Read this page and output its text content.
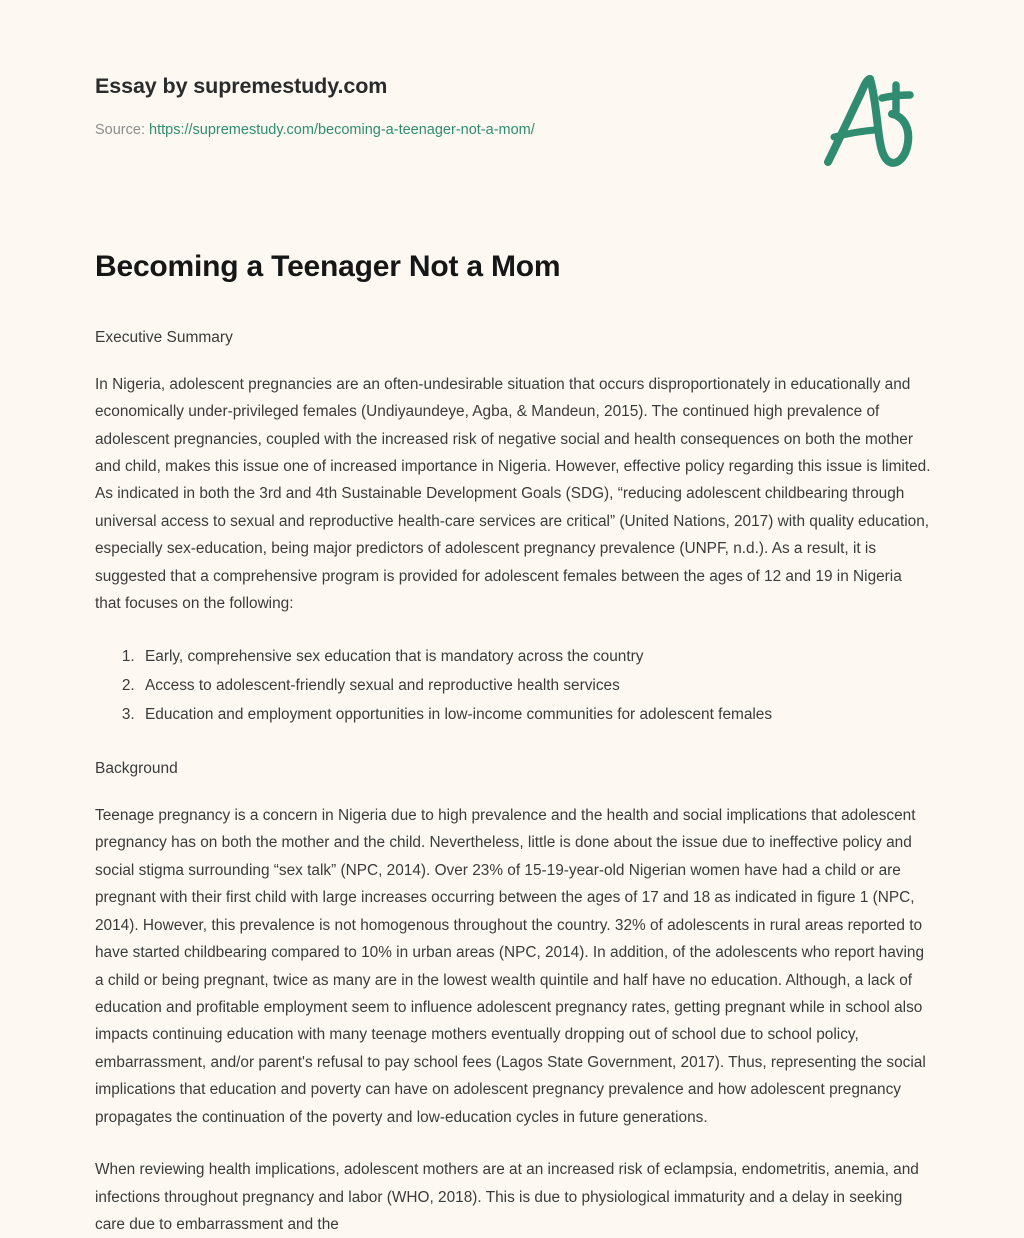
Essay by supremestudy.com
Source: https://supremestudy.com/becoming-a-teenager-not-a-mom/
Becoming a Teenager Not a Mom
Executive Summary

In Nigeria, adolescent pregnancies are an often-undesirable situation that occurs disproportionately in educationally and economically under-privileged females (Undiyaundeye, Agba, & Mandeun, 2015). The continued high prevalence of adolescent pregnancies, coupled with the increased risk of negative social and health consequences on both the mother and child, makes this issue one of increased importance in Nigeria. However, effective policy regarding this issue is limited. As indicated in both the 3rd and 4th Sustainable Development Goals (SDG), “reducing adolescent childbearing through universal access to sexual and reproductive health-care services are critical” (United Nations, 2017) with quality education, especially sex-education, being major predictors of adolescent pregnancy prevalence (UNPF, n.d.). As a result, it is suggested that a comprehensive program is provided for adolescent females between the ages of 12 and 19 in Nigeria that focuses on the following:

1. Early, comprehensive sex education that is mandatory across the country
2. Access to adolescent-friendly sexual and reproductive health services
3. Education and employment opportunities in low-income communities for adolescent females
Background

Teenage pregnancy is a concern in Nigeria due to high prevalence and the health and social implications that adolescent pregnancy has on both the mother and the child. Nevertheless, little is done about the issue due to ineffective policy and social stigma surrounding “sex talk” (NPC, 2014). Over 23% of 15-19-year-old Nigerian women have had a child or are pregnant with their first child with large increases occurring between the ages of 17 and 18 as indicated in figure 1 (NPC, 2014). However, this prevalence is not homogenous throughout the country. 32% of adolescents in rural areas reported to have started childbearing compared to 10% in urban areas (NPC, 2014). In addition, of the adolescents who report having a child or being pregnant, twice as many are in the lowest wealth quintile and half have no education. Although, a lack of education and profitable employment seem to influence adolescent pregnancy rates, getting pregnant while in school also impacts continuing education with many teenage mothers eventually dropping out of school due to school policy, embarrassment, and/or parent's refusal to pay school fees (Lagos State Government, 2017). Thus, representing the social implications that education and poverty can have on adolescent pregnancy prevalence and how adolescent pregnancy propagates the continuation of the poverty and low-education cycles in future generations.

When reviewing health implications, adolescent mothers are at an increased risk of eclampsia, endometritis, anemia, and infections throughout pregnancy and labor (WHO, 2018). This is due to physiological immaturity and a delay in seeking care due to embarrassment and the
